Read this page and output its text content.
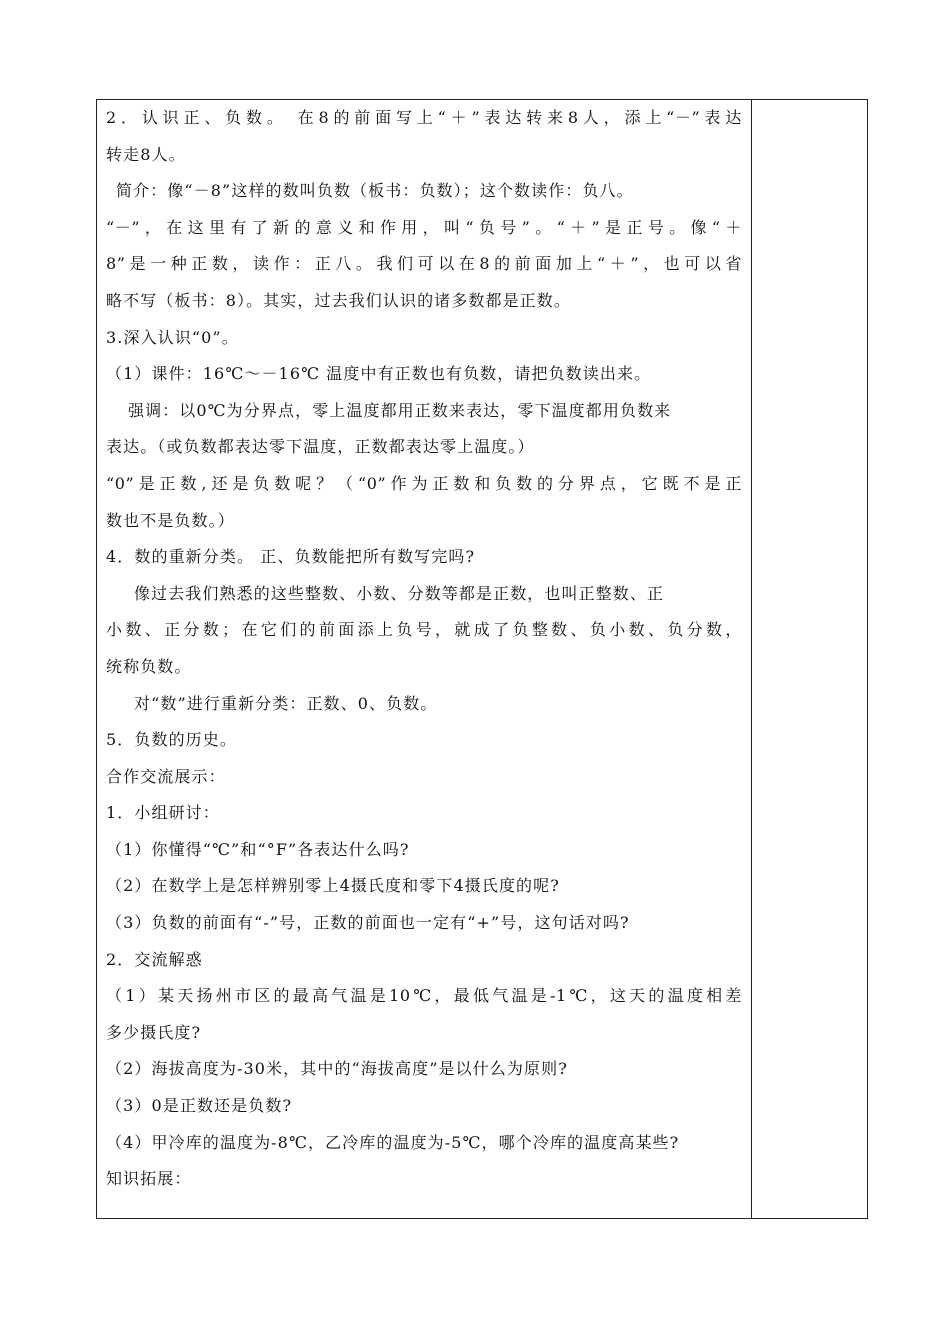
2．认识正、负数。 在8的前面写上“＋”表达转来8人，添上“－”表达
转走8人。
简介：像“－8”这样的数叫负数（板书：负数）；这个数读作：负八。
“－”，在这里有了新的意义和作用，叫“负号”。“＋”是正号。像“＋
8”是一种正数，读作：正八。我们可以在8的前面加上“＋”，也可以省
略不写（板书：8）。其实，过去我们认识的诸多数都是正数。
3.深入认识“0”。
（1）课件：16℃～－16℃ 温度中有正数也有负数，请把负数读出来。
强调：以0℃为分界点，零上温度都用正数来表达，零下温度都用负数来
表达。（或负数都表达零下温度，正数都表达零上温度。）
“0”是正数,还是负数呢？（“0”作为正数和负数的分界点，它既不是正
数也不是负数。）
4．数的重新分类。 正、负数能把所有数写完吗?
像过去我们熟悉的这些整数、小数、分数等都是正数，也叫正整数、正
小数、正分数；在它们的前面添上负号，就成了负整数、负小数、负分数，
统称负数。
对“数”进行重新分类：正数、0、负数。
5．负数的历史。
合作交流展示：
1．小组研讨：
（1）你懂得“℃”和“°F”各表达什么吗?
（2）在数学上是怎样辨别零上4摄氏度和零下4摄氏度的呢?
（3）负数的前面有“-”号，正数的前面也一定有“+”号，这句话对吗?
2．交流解惑
（1）某天扬州市区的最高气温是10℃，最低气温是-1℃，这天的温度相差
多少摄氏度?
（2）海拔高度为-30米，其中的“海拔高度”是以什么为原则?
（3）0是正数还是负数?
（4）甲冷库的温度为-8℃，乙冷库的温度为-5℃，哪个冷库的温度高某些?
知识拓展：
